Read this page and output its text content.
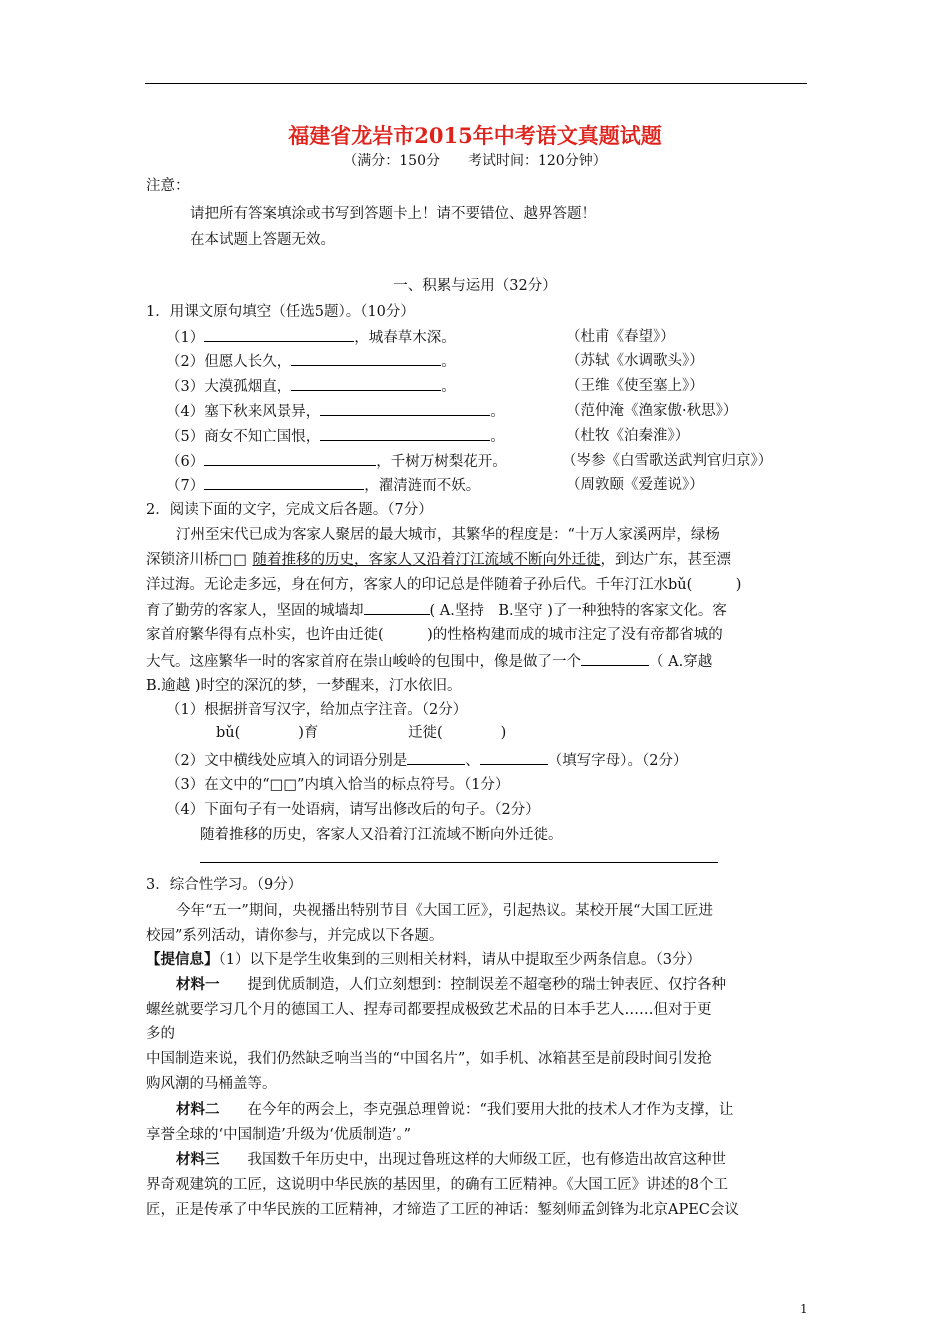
福建省龙岩市2015年中考语文真题试题
（满分：150分　　考试时间：120分钟）
注意：
请把所有答案填涂或书写到答题卡上！请不要错位、越界答题！
在本试题上答题无效。
一、积累与运用（32分）
1．用课文原句填空（任选5题）。（10分）
（1）	，城春草木深。	（杜甫《春望》）
（2）但愿人长久，	。	（苏轼《水调歌头》）
（3）大漠孤烟直，	。	（王维《使至塞上》）
（4）塞下秋来风景异，	。	（范仲淹《渔家傲·秋思》）
（5）商女不知亡国恨，	。	（杜牧《泊秦淮》）
（6）	，千树万树梨花开。	（岑参《白雪歌送武判官归京》）
（7）	，濯清涟而不妖。	（周敦颐《爱莲说》）
2．阅读下面的文字，完成文后各题。（7分）
汀州至宋代已成为客家人聚居的最大城市，其繁华的程度是：“十万人家溪两岸，绿杨
深锁济川桥□□ 随着推移的历史，客家人又沿着汀江流域不断向外迁徙，到达广东，甚至漂
洋过海。无论走多远，身在何方，客家人的印记总是伴随着子孙后代。千年汀江水bǔ(　　　)
育了勤劳的客家人，坚固的城墙却	( A.坚持　B.坚守 )了一种独特的客家文化。客
家首府繁华得有点朴实，也许由迁徙(　　　)的性格构建而成的城市注定了没有帝都省城的
大气。这座繁华一时的客家首府在崇山峻岭的包围中，像是做了一个	（ A.穿越
B.逾越 )时空的深沉的梦，一梦醒来，汀水依旧。
（1）根据拼音写汉字，给加点字注音。（2分）
bǔ(　　　　)育	迁徙(　　　　)
（2）文中横线处应填入的词语分别是	、	（填写字母）。（2分）
（3）在文中的“□□”内填入恰当的标点符号。（1分）
（4）下面句子有一处语病，请写出修改后的句子。（2分）
随着推移的历史，客家人又沿着汀江流域不断向外迁徙。
3．综合性学习。（9分）
今年“五一”期间，央视播出特别节目《大国工匠》，引起热议。某校开展“大国工匠进
校园”系列活动，请你参与，并完成以下各题。
【提信息】（1）以下是学生收集到的三则相关材料，请从中提取至少两条信息。（3分）
材料一 提到优质制造，人们立刻想到：控制误差不超毫秒的瑞士钟表匠、仅拧各种
螺丝就要学习几个月的德国工人、捏寿司都要捏成极致艺术品的日本手艺人……但对于更
多的
中国制造来说，我们仍然缺乏响当当的“中国名片”，如手机、冰箱甚至是前段时间引发抢
购风潮的马桶盖等。
材料二 在今年的两会上，李克强总理曾说：“我们要用大批的技术人才作为支撑，让
享誉全球的‘中国制造’升级为‘优质制造’。”
材料三 我国数千年历史中，出现过鲁班这样的大师级工匠，也有修造出故宫这种世
界奇观建筑的工匠，这说明中华民族的基因里，的确有工匠精神。《大国工匠》讲述的8个工
匠，正是传承了中华民族的工匠精神，才缔造了工匠的神话：錾刻师孟剑锋为北京APEC会议
1
